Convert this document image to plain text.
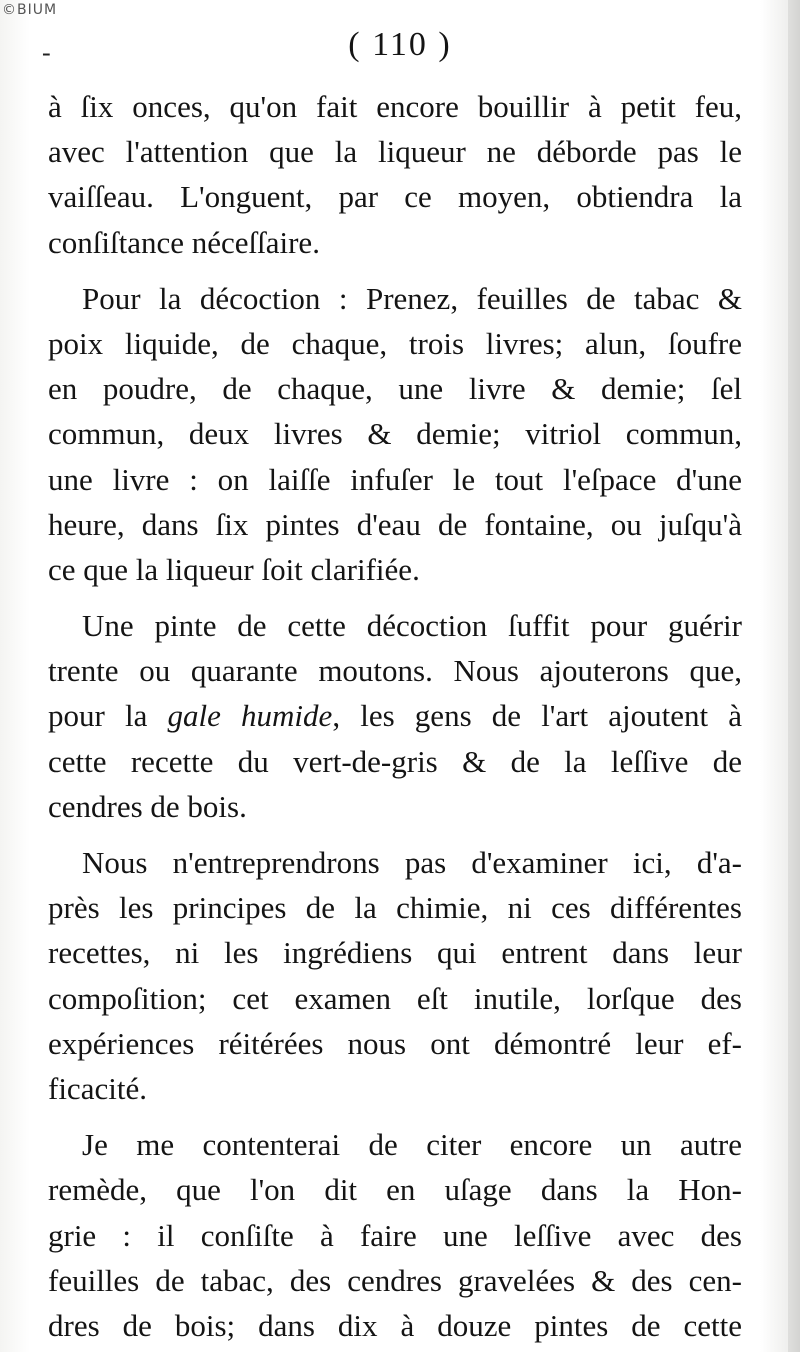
©BIUM
-	( 110 )
à ſix onces, qu'on fait encore bouillir à petit feu,
avec l'attention que la liqueur ne déborde pas le
vaiſſeau. L'onguent, par ce moyen, obtiendra la
conſiſtance néceſſaire.
Pour la décoction : Prenez, feuilles de tabac &
poix liquide, de chaque, trois livres; alun, ſoufre
en poudre, de chaque, une livre & demie; ſel
commun, deux livres & demie; vitriol commun,
une livre : on laiſſe infuſer le tout l'eſpace d'une
heure, dans ſix pintes d'eau de fontaine, ou juſqu'à
ce que la liqueur ſoit clarifiée.
Une pinte de cette décoction ſuffit pour guérir
trente ou quarante moutons. Nous ajouterons que,
pour la gale humide, les gens de l'art ajoutent à
cette recette du vert-de-gris & de la leſſive de
cendres de bois.
Nous n'entreprendrons pas d'examiner ici, d'a-
près les principes de la chimie, ni ces différentes
recettes, ni les ingrédiens qui entrent dans leur
compoſition; cet examen eſt inutile, lorſque des
expériences réitérées nous ont démontré leur ef-
ficacité.
Je me contenterai de citer encore un autre
remède, que l'on dit en uſage dans la Hon-
grie : il conſiſte à faire une leſſive avec des
feuilles de tabac, des cendres gravelées & des cen-
dres de bois; dans dix à douze pintes de cette
